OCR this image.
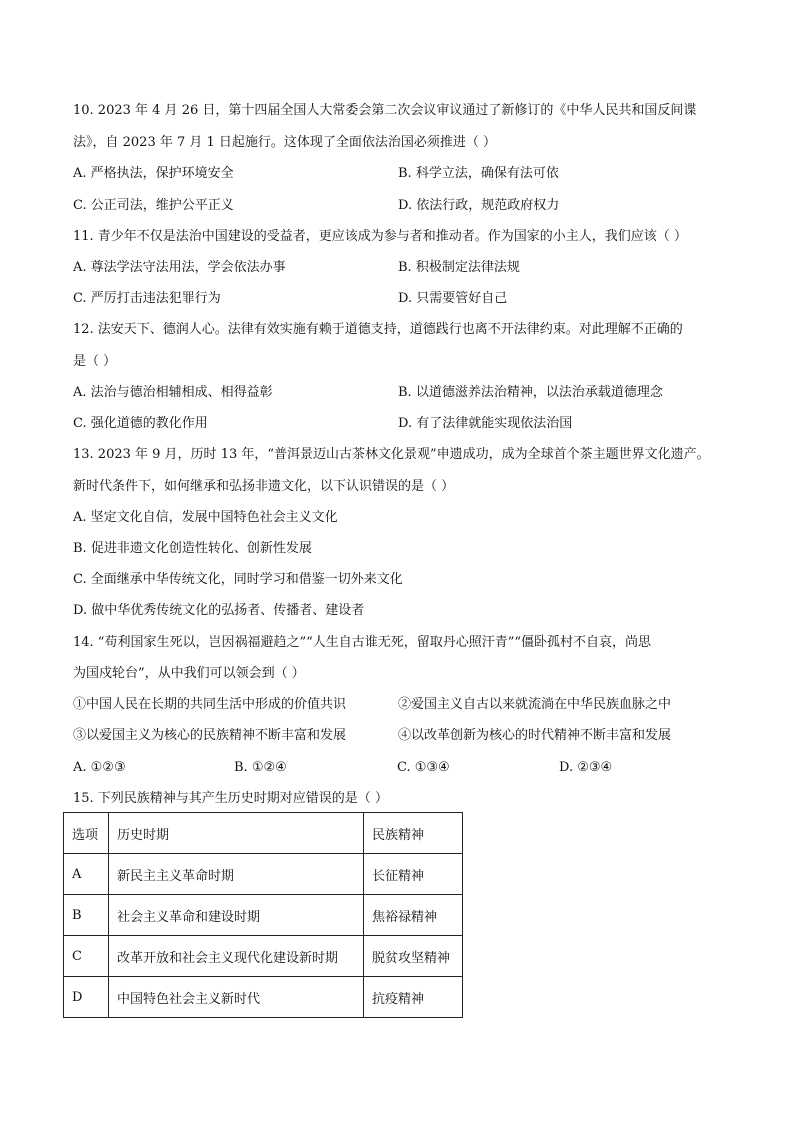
10. 2023 年 4 月 26 日，第十四届全国人大常委会第二次会议审议通过了新修订的《中华人民共和国反间谍
法》，自 2023 年 7 月 1 日起施行。这体现了全面依法治国必须推进（ ）
A. 严格执法，保护环境安全	B. 科学立法，确保有法可依
C. 公正司法，维护公平正义	D. 依法行政，规范政府权力
11. 青少年不仅是法治中国建设的受益者，更应该成为参与者和推动者。作为国家的小主人，我们应该（ ）
A. 尊法学法守法用法，学会依法办事	B. 积极制定法律法规
C. 严厉打击违法犯罪行为	D. 只需要管好自己
12. 法安天下、德润人心。法律有效实施有赖于道德支持，道德践行也离不开法律约束。对此理解不正确的
是（ ）
A. 法治与德治相辅相成、相得益彰	B. 以道德滋养法治精神，以法治承载道德理念
C. 强化道德的教化作用	D. 有了法律就能实现依法治国
13. 2023 年 9 月，历时 13 年，“普洱景迈山古茶林文化景观”申遗成功，成为全球首个茶主题世界文化遗产。
新时代条件下，如何继承和弘扬非遗文化，以下认识错误的是（ ）
A. 坚定文化自信，发展中国特色社会主义文化
B. 促进非遗文化创造性转化、创新性发展
C. 全面继承中华传统文化，同时学习和借鉴一切外来文化
D. 做中华优秀传统文化的弘扬者、传播者、建设者
14. “苟利国家生死以，岂因祸福避趋之”“人生自古谁无死，留取丹心照汗青”“僵卧孤村不自哀，尚思
为国戍轮台”，从中我们可以领会到（ ）
①中国人民在长期的共同生活中形成的价值共识	②爱国主义自古以来就流淌在中华民族血脉之中
③以爱国主义为核心的民族精神不断丰富和发展	④以改革创新为核心的时代精神不断丰富和发展
A. ①②③	B. ①②④	C. ①③④	D. ②③④
15. 下列民族精神与其产生历史时期对应错误的是（ ）
选项	历史时期	民族精神
A	新民主主义革命时期	长征精神
B	社会主义革命和建设时期	焦裕禄精神
C	改革开放和社会主义现代化建设新时期	脱贫攻坚精神
D	中国特色社会主义新时代	抗疫精神
